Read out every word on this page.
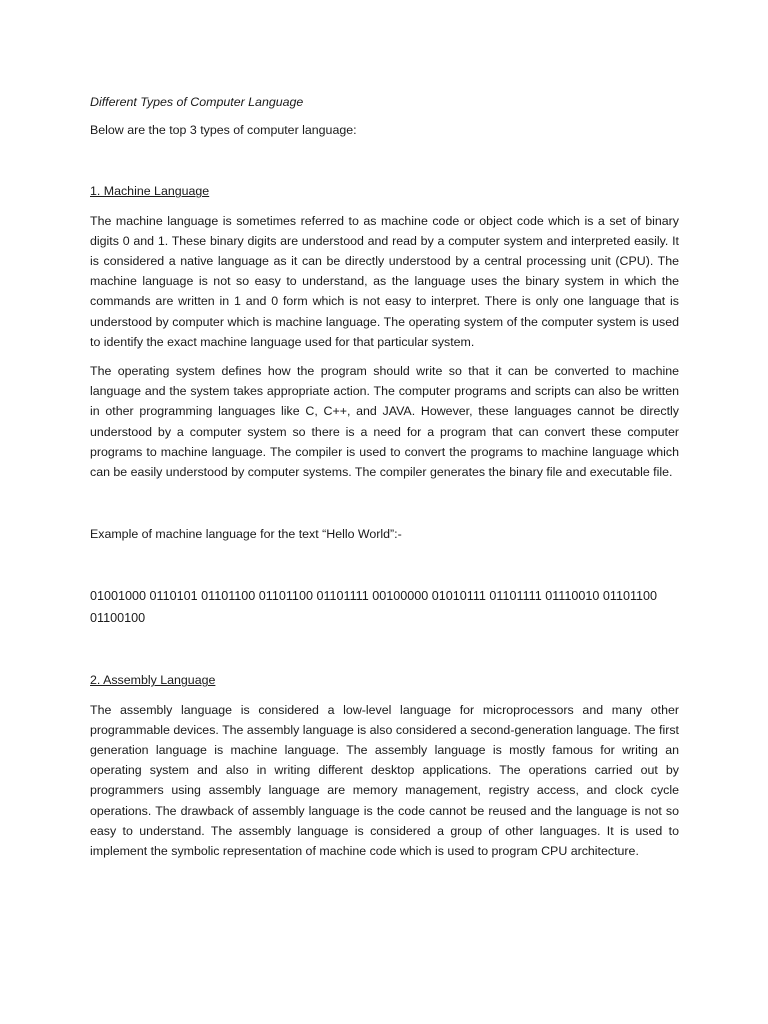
Different Types of Computer Language

Below are the top 3 types of computer language:

1. Machine Language

The machine language is sometimes referred to as machine code or object code which is a set of binary digits 0 and 1. These binary digits are understood and read by a computer system and interpreted easily. It is considered a native language as it can be directly understood by a central processing unit (CPU). The machine language is not so easy to understand, as the language uses the binary system in which the commands are written in 1 and 0 form which is not easy to interpret. There is only one language that is understood by computer which is machine language. The operating system of the computer system is used to identify the exact machine language used for that particular system.

The operating system defines how the program should write so that it can be converted to machine language and the system takes appropriate action. The computer programs and scripts can also be written in other programming languages like C, C++, and JAVA. However, these languages cannot be directly understood by a computer system so there is a need for a program that can convert these computer programs to machine language. The compiler is used to convert the programs to machine language which can be easily understood by computer systems. The compiler generates the binary file and executable file.

Example of machine language for the text “Hello World”:-

01001000 0110101 01101100 01101100 01101111 00100000 01010111 01101111 01110010 01101100 01100100

2. Assembly Language

The assembly language is considered a low-level language for microprocessors and many other programmable devices. The assembly language is also considered a second-generation language. The first generation language is machine language. The assembly language is mostly famous for writing an operating system and also in writing different desktop applications. The operations carried out by programmers using assembly language are memory management, registry access, and clock cycle operations. The drawback of assembly language is the code cannot be reused and the language is not so easy to understand. The assembly language is considered a group of other languages. It is used to implement the symbolic representation of machine code which is used to program CPU architecture.
